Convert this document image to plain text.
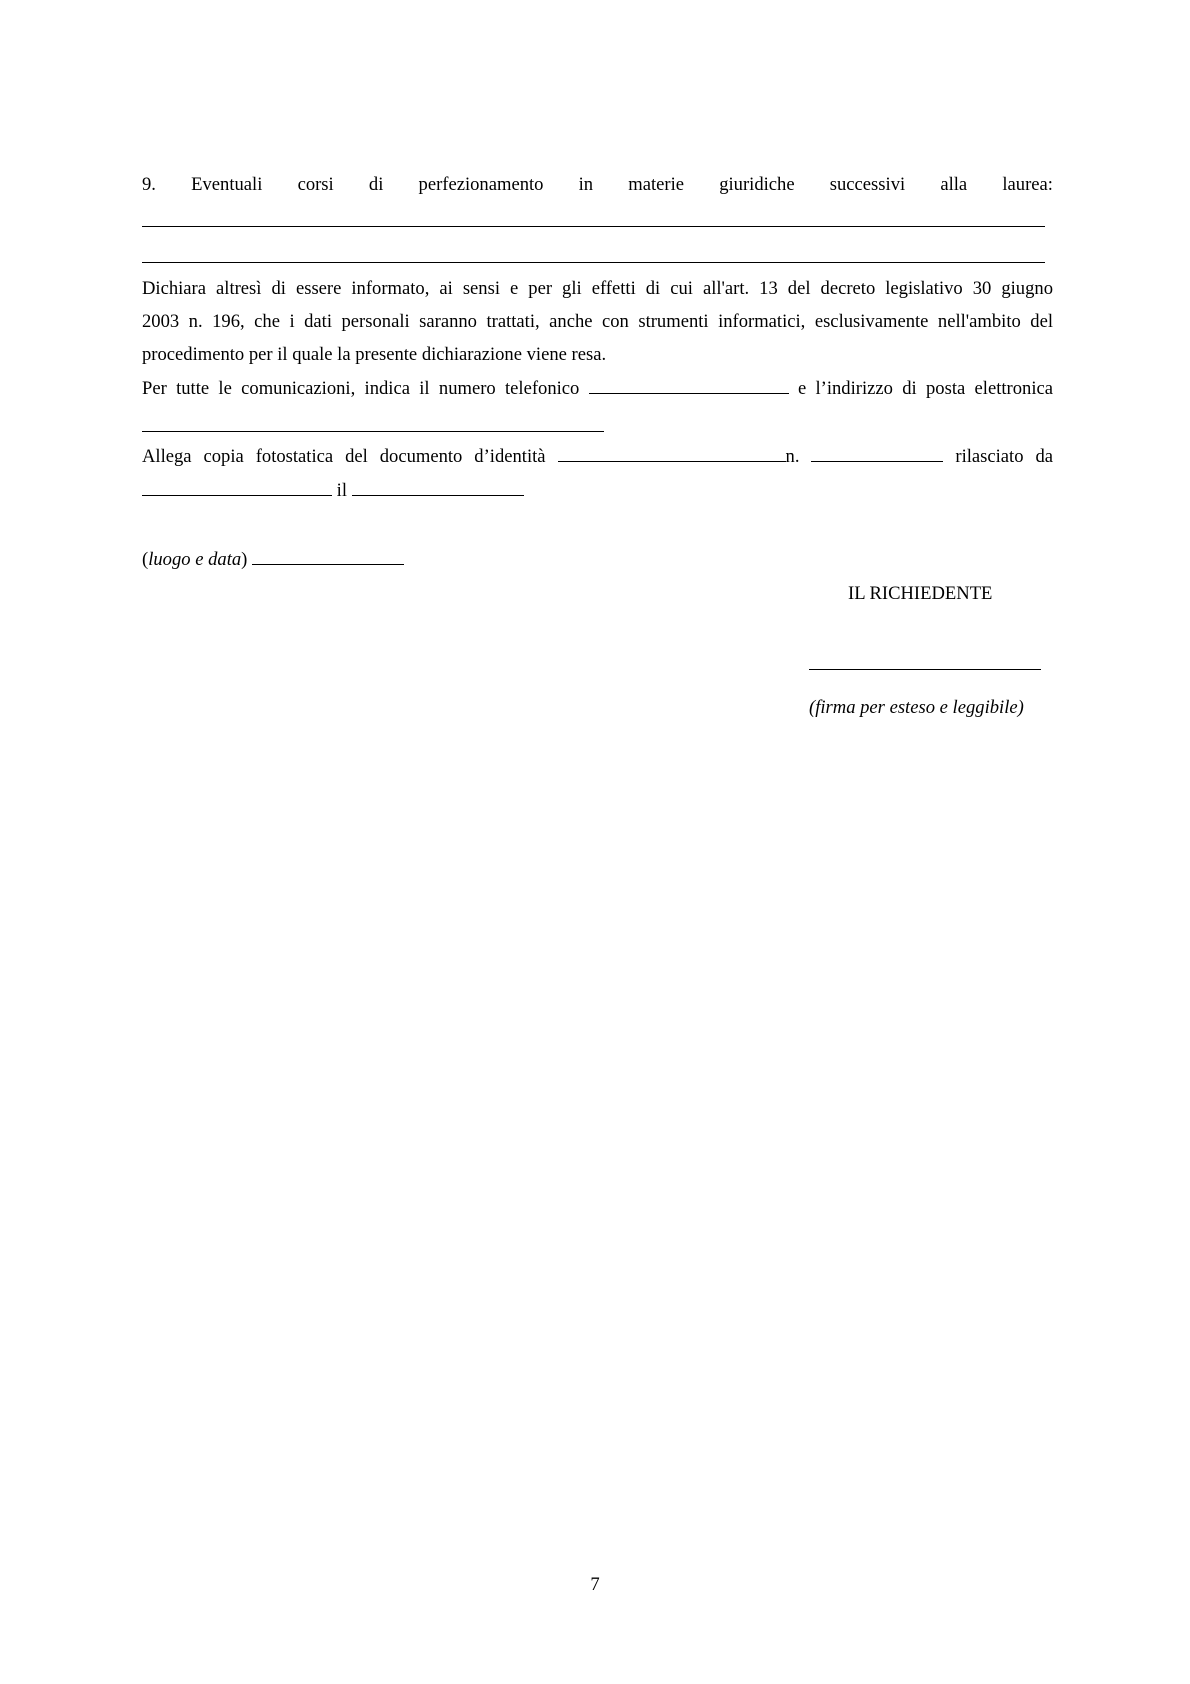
9. Eventuali corsi di perfezionamento in materie giuridiche successivi alla laurea:
Dichiara altresì di essere informato, ai sensi e per gli effetti di cui all'art. 13 del decreto legislativo 30 giugno
2003 n. 196, che i dati personali saranno trattati, anche con strumenti informatici, esclusivamente nell'ambito del
procedimento per il quale la presente dichiarazione viene resa.
Per tutte le comunicazioni, indica il numero telefonico	e l’indirizzo di posta elettronica
Allega copia fotostatica del documento d’identità	n.	rilasciato da
il
(luogo e data)
IL RICHIEDENTE
(firma per esteso e leggibile)
7
